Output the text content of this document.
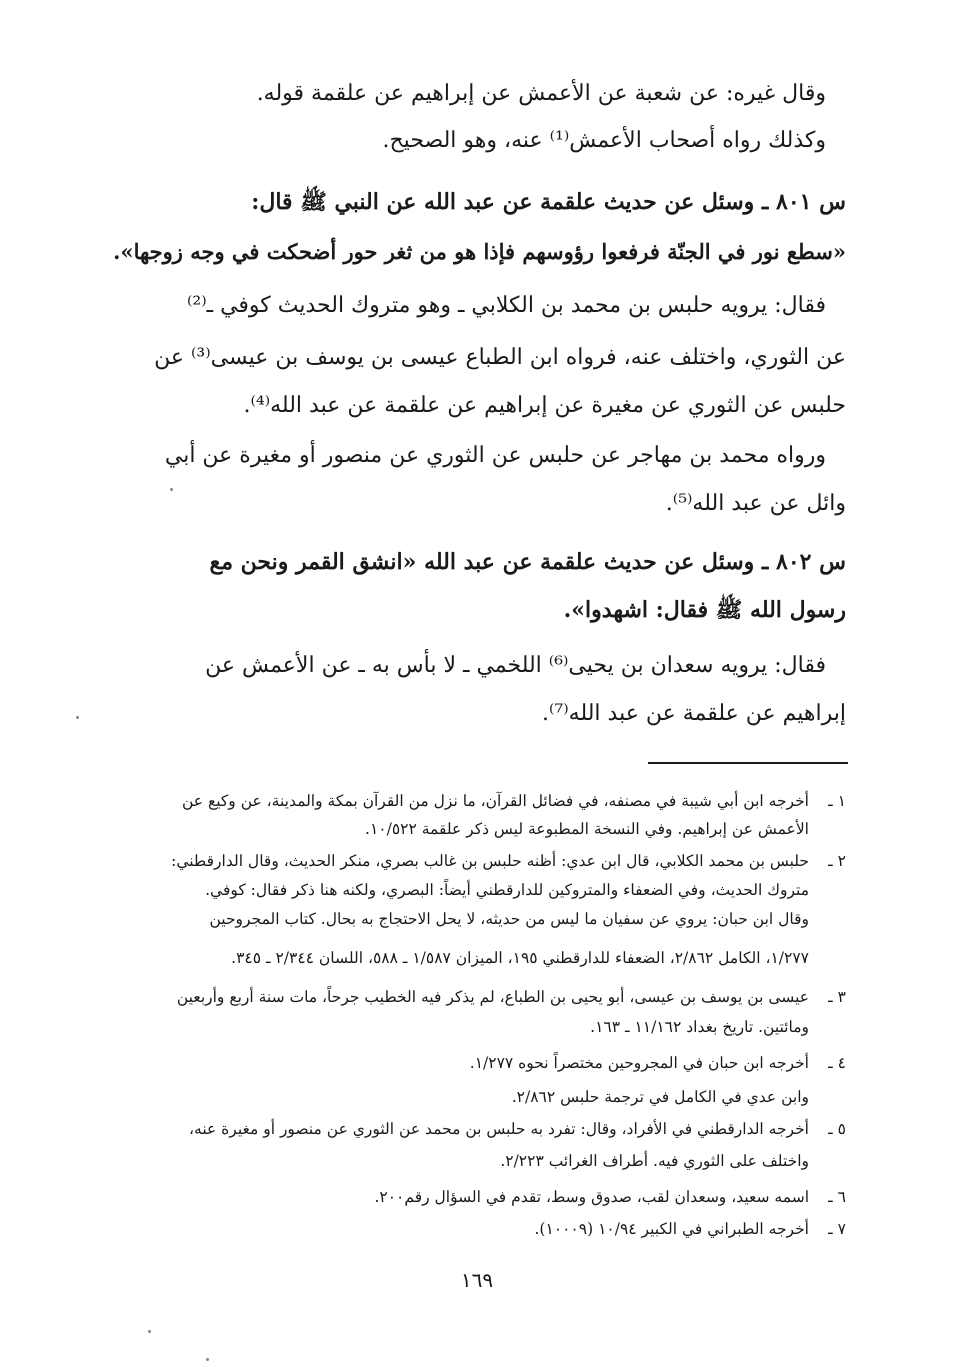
وقال غيره: عن شعبة عن الأعمش عن إبراهيم عن علقمة قوله.
وكذلك رواه أصحاب الأعمش⁽¹⁾ عنه، وهو الصحيح.
س ٨٠١ ـ وسئل عن حديث علقمة عن عبد الله عن النبي ﷺ قال:
«سطع نور في الجنّة فرفعوا رؤوسهم فإذا هو من ثغر حور أضحكت في وجه زوجها».
فقال: يرويه حلبس بن محمد بن الكلابي ـ وهو متروك الحديث كوفي ـ⁽²⁾
عن الثوري، واختلف عنه، فرواه ابن الطباع عيسى بن يوسف بن عيسى⁽³⁾ عن
حلبس عن الثوري عن مغيرة عن إبراهيم عن علقمة عن عبد الله⁽⁴⁾.
ورواه محمد بن مهاجر عن حلبس عن الثوري عن منصور أو مغيرة عن أبي
وائل عن عبد الله⁽⁵⁾.
س ٨٠٢ ـ وسئل عن حديث علقمة عن عبد الله «انشق القمر ونحن مع
رسول الله ﷺ فقال: اشهدوا».
فقال: يرويه سعدان بن يحيى⁽⁶⁾ اللخمي ـ لا بأس به ـ عن الأعمش عن
إبراهيم عن علقمة عن عبد الله⁽⁷⁾.
١ ـ
أخرجه ابن أبي شيبة في مصنفه، في فضائل القرآن، ما نزل من القرآن بمكة والمدينة، عن وكيع عن
الأعمش عن إبراهيم. وفي النسخة المطبوعة ليس ذكر علقمة ١٠/٥٢٢.
٢ ـ
حلبس بن محمد الكلابي، قال ابن عدي: أظنه حلبس بن غالب بصري، منكر الحديث، وقال الدارقطني:
متروك الحديث، وفي الضعفاء والمتروكين للدارقطني أيضاً: البصري، ولكنه هنا ذكر فقال: كوفي.
وقال ابن حبان: يروي عن سفيان ما ليس من حديثه، لا يحل الاحتجاج به بحال. كتاب المجروحين
١/٢٧٧، الكامل ٢/٨٦٢، الضعفاء للدارقطني ١٩٥، الميزان ١/٥٨٧ ـ ٥٨٨، اللسان ٢/٣٤٤ ـ ٣٤٥.
٣ ـ
عيسى بن يوسف بن عيسى، أبو يحيى بن الطباع، لم يذكر فيه الخطيب جرحاً، مات سنة أربع وأربعين
ومائتين. تاريخ بغداد ١١/١٦٢ ـ ١٦٣.
٤ ـ
أخرجه ابن حبان في المجروحين مختصراً نحوه ١/٢٧٧.
وابن عدي في الكامل في ترجمة حلبس ٢/٨٦٢.
٥ ـ
أخرجه الدارقطني في الأفراد، وقال: تفرد به حلبس بن محمد عن الثوري عن منصور أو مغيرة عنه،
واختلف على الثوري فيه. أطراف الغرائب ٢/٢٢٣.
٦ ـ
اسمه سعيد، وسعدان لقب، صدوق وسط، تقدم في السؤال رقم٢٠٠.
٧ ـ
أخرجه الطبراني في الكبير ١٠/٩٤ (١٠٠٠٩).
١٦٩
